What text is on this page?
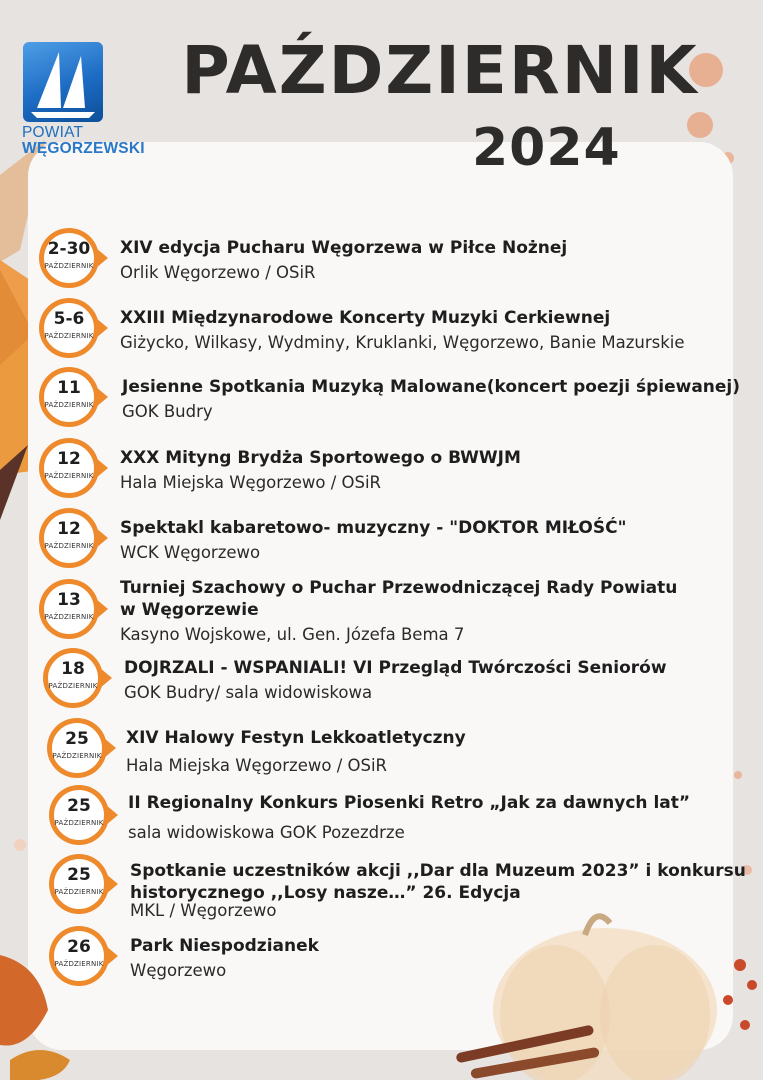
POWIAT
WĘGORZEWSKI
PAŹDZIERNIK
2024
2-30
PAŹDZIERNIK
XIV edycja Pucharu Węgorzewa w Piłce Nożnej
Orlik Węgorzewo / OSiR
5-6
PAŹDZIERNIK
XXIII Międzynarodowe Koncerty Muzyki Cerkiewnej
Giżycko, Wilkasy, Wydminy, Kruklanki, Węgorzewo, Banie Mazurskie
11
PAŹDZIERNIK
Jesienne Spotkania Muzyką Malowane(koncert poezji śpiewanej)
GOK Budry
12
PAŹDZIERNIK
XXX Mityng Brydża Sportowego o BWWJM
Hala Miejska Węgorzewo / OSiR
12
PAŹDZIERNIK
Spektakl kabaretowo- muzyczny - "DOKTOR MIŁOŚĆ"
WCK Węgorzewo
13
PAŹDZIERNIK
Turniej Szachowy o Puchar Przewodniczącej Rady Powiatu
w Węgorzewie
Kasyno Wojskowe, ul. Gen. Józefa Bema 7
18
PAŹDZIERNIK
DOJRZALI - WSPANIALI! VI Przegląd Twórczości Seniorów
GOK Budry/ sala widowiskowa
25
PAŹDZIERNIK
XIV Halowy Festyn Lekkoatletyczny
Hala Miejska Węgorzewo / OSiR
25
PAŹDZIERNIK
II Regionalny Konkurs Piosenki Retro „Jak za dawnych lat”
sala widowiskowa GOK Pozezdrze
25
PAŹDZIERNIK
Spotkanie uczestników akcji ,,Dar dla Muzeum 2023” i konkursu
historycznego ,,Losy nasze…” 26. Edycja
MKL / Węgorzewo
26
PAŹDZIERNIK
Park Niespodzianek
Węgorzewo
